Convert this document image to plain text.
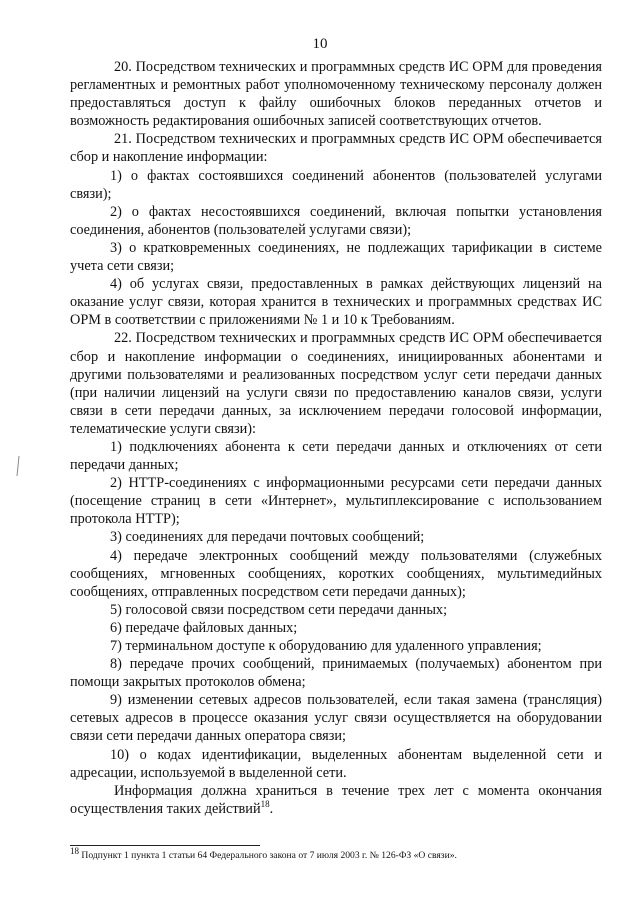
10

20. Посредством технических и программных средств ИС ОРМ для проведения регламентных и ремонтных работ уполномоченному техническому персоналу должен предоставляться доступ к файлу ошибочных блоков переданных отчетов и возможность редактирования ошибочных записей соответствующих отчетов.

21. Посредством технических и программных средств ИС ОРМ обеспечивается сбор и накопление информации:

1) о фактах состоявшихся соединений абонентов (пользователей услугами связи);

2) о фактах несостоявшихся соединений, включая попытки установления соединения, абонентов (пользователей услугами связи);

3) о кратковременных соединениях, не подлежащих тарификации в системе учета сети связи;

4) об услугах связи, предоставленных в рамках действующих лицензий на оказание услуг связи, которая хранится в технических и программных средствах ИС ОРМ в соответствии с приложениями № 1 и 10 к Требованиям.

22. Посредством технических и программных средств ИС ОРМ обеспечивается сбор и накопление информации о соединениях, инициированных абонентами и другими пользователями и реализованных посредством услуг сети передачи данных (при наличии лицензий на услуги связи по предоставлению каналов связи, услуги связи в сети передачи данных, за исключением передачи голосовой информации, телематические услуги связи):

1) подключениях абонента к сети передачи данных и отключениях от сети передачи данных;

2) HTTP-соединениях с информационными ресурсами сети передачи данных (посещение страниц в сети «Интернет», мультиплексирование с использованием протокола HTTP);

3) соединениях для передачи почтовых сообщений;

4) передаче электронных сообщений между пользователями (служебных сообщениях, мгновенных сообщениях, коротких сообщениях, мультимедийных сообщениях, отправленных посредством сети передачи данных);

5) голосовой связи посредством сети передачи данных;

6) передаче файловых данных;

7) терминальном доступе к оборудованию для удаленного управления;

8) передаче прочих сообщений, принимаемых (получаемых) абонентом при помощи закрытых протоколов обмена;

9) изменении сетевых адресов пользователей, если такая замена (трансляция) сетевых адресов в процессе оказания услуг связи осуществляется на оборудовании связи сети передачи данных оператора связи;

10) о кодах идентификации, выделенных абонентам выделенной сети и адресации, используемой в выделенной сети.

Информация должна храниться в течение трех лет с момента окончания осуществления таких действий$^{18}$.

$^{18}$ Подпункт 1 пункта 1 статьи 64 Федерального закона от 7 июля 2003 г. № 126-ФЗ «О связи».
